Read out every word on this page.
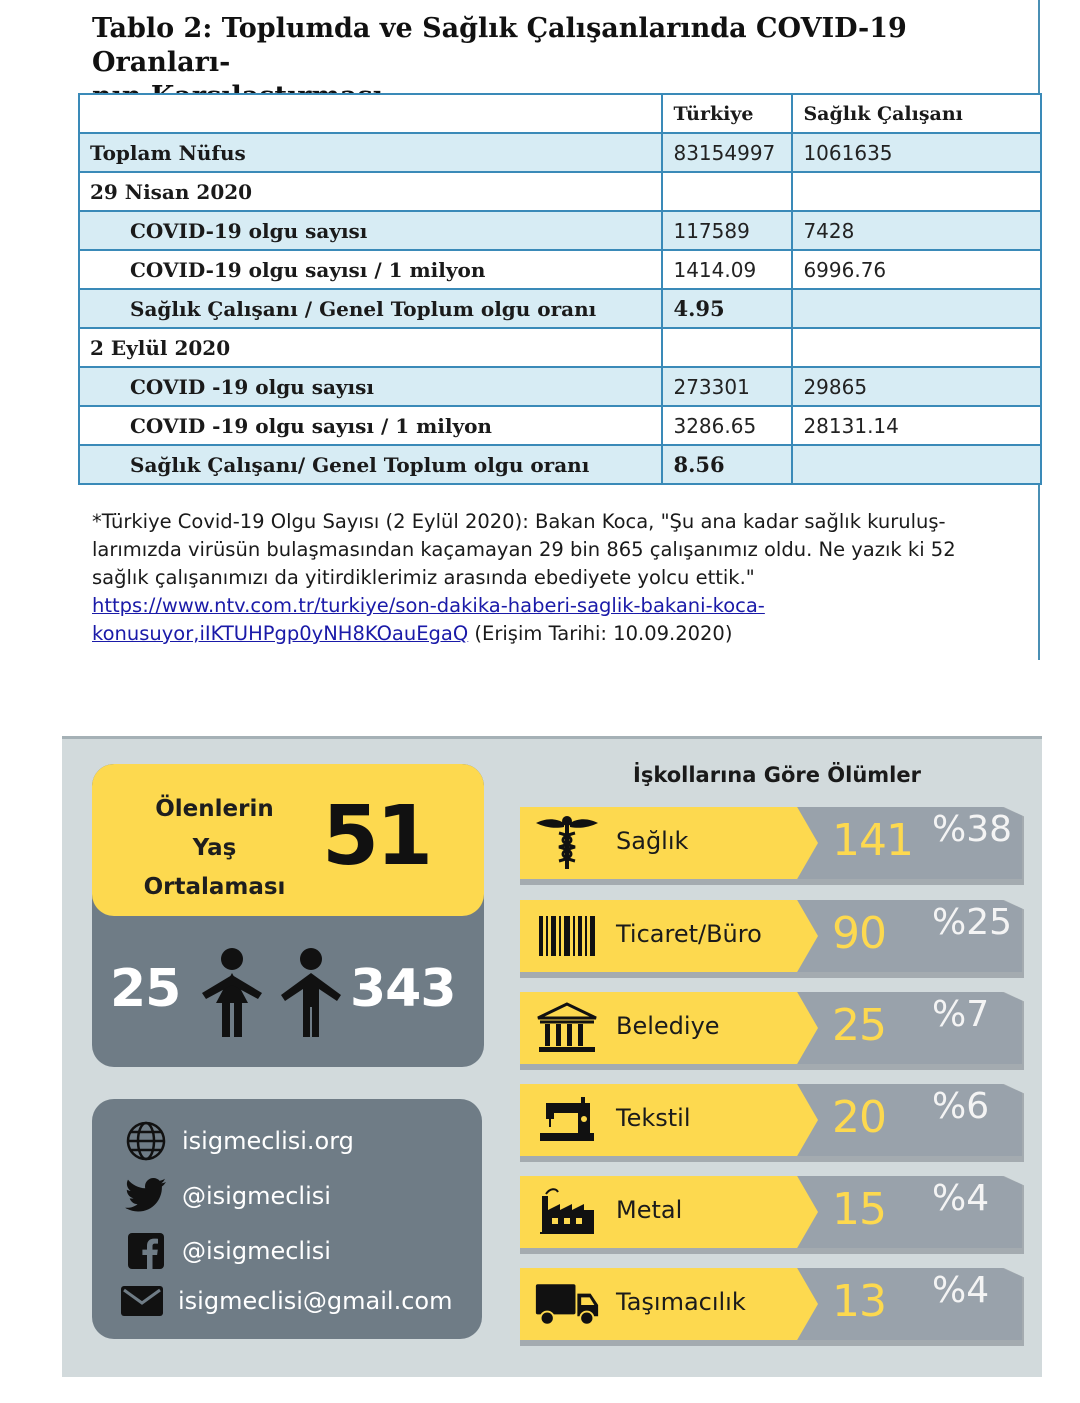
Tablo 2: Toplumda ve Sağlık Çalışanlarında COVID-19 Oranları-
	Türkiye	Sağlık Çalışanı
Toplam Nüfus	83154997	1061635
29 Nisan 2020		
COVID-19 olgu sayısı	117589	7428
COVID-19 olgu sayısı / 1 milyon	1414.09	6996.76
Sağlık Çalışanı / Genel Toplum olgu oranı	4.95	
2 Eylül 2020		
COVID -19 olgu sayısı	273301	29865
COVID -19 olgu sayısı / 1 milyon	3286.65	28131.14
Sağlık Çalışanı/ Genel Toplum olgu oranı	8.56	
*Türkiye Covid-19 Olgu Sayısı (2 Eylül 2020): Bakan Koca, "Şu ana kadar sağlık kuruluş-
larımızda virüsün bulaşmasından kaçamayan 29 bin 865 çalışanımız oldu. Ne yazık ki 52
sağlık çalışanımızı da yitirdiklerimiz arasında ebediyete yolcu ettik."
https://www.ntv.com.tr/turkiye/son-dakika-haberi-saglik-bakani-koca-
konusuyor,iIKTUHPgp0yNH8KOauEgaQ (Erişim Tarihi: 10.09.2020)
Ölenlerin
Yaş
Ortalaması
51
25	343
isigmeclisi.org
@isigmeclisi
@isigmeclisi
isigmeclisi@gmail.com
İşkollarına Göre Ölümler
Sağlık	141 %38
Ticaret/Büro 90 %25
Belediye	25 %7
Tekstil	20 %6
Metal	15 %4
Taşımacılık 13 %4
